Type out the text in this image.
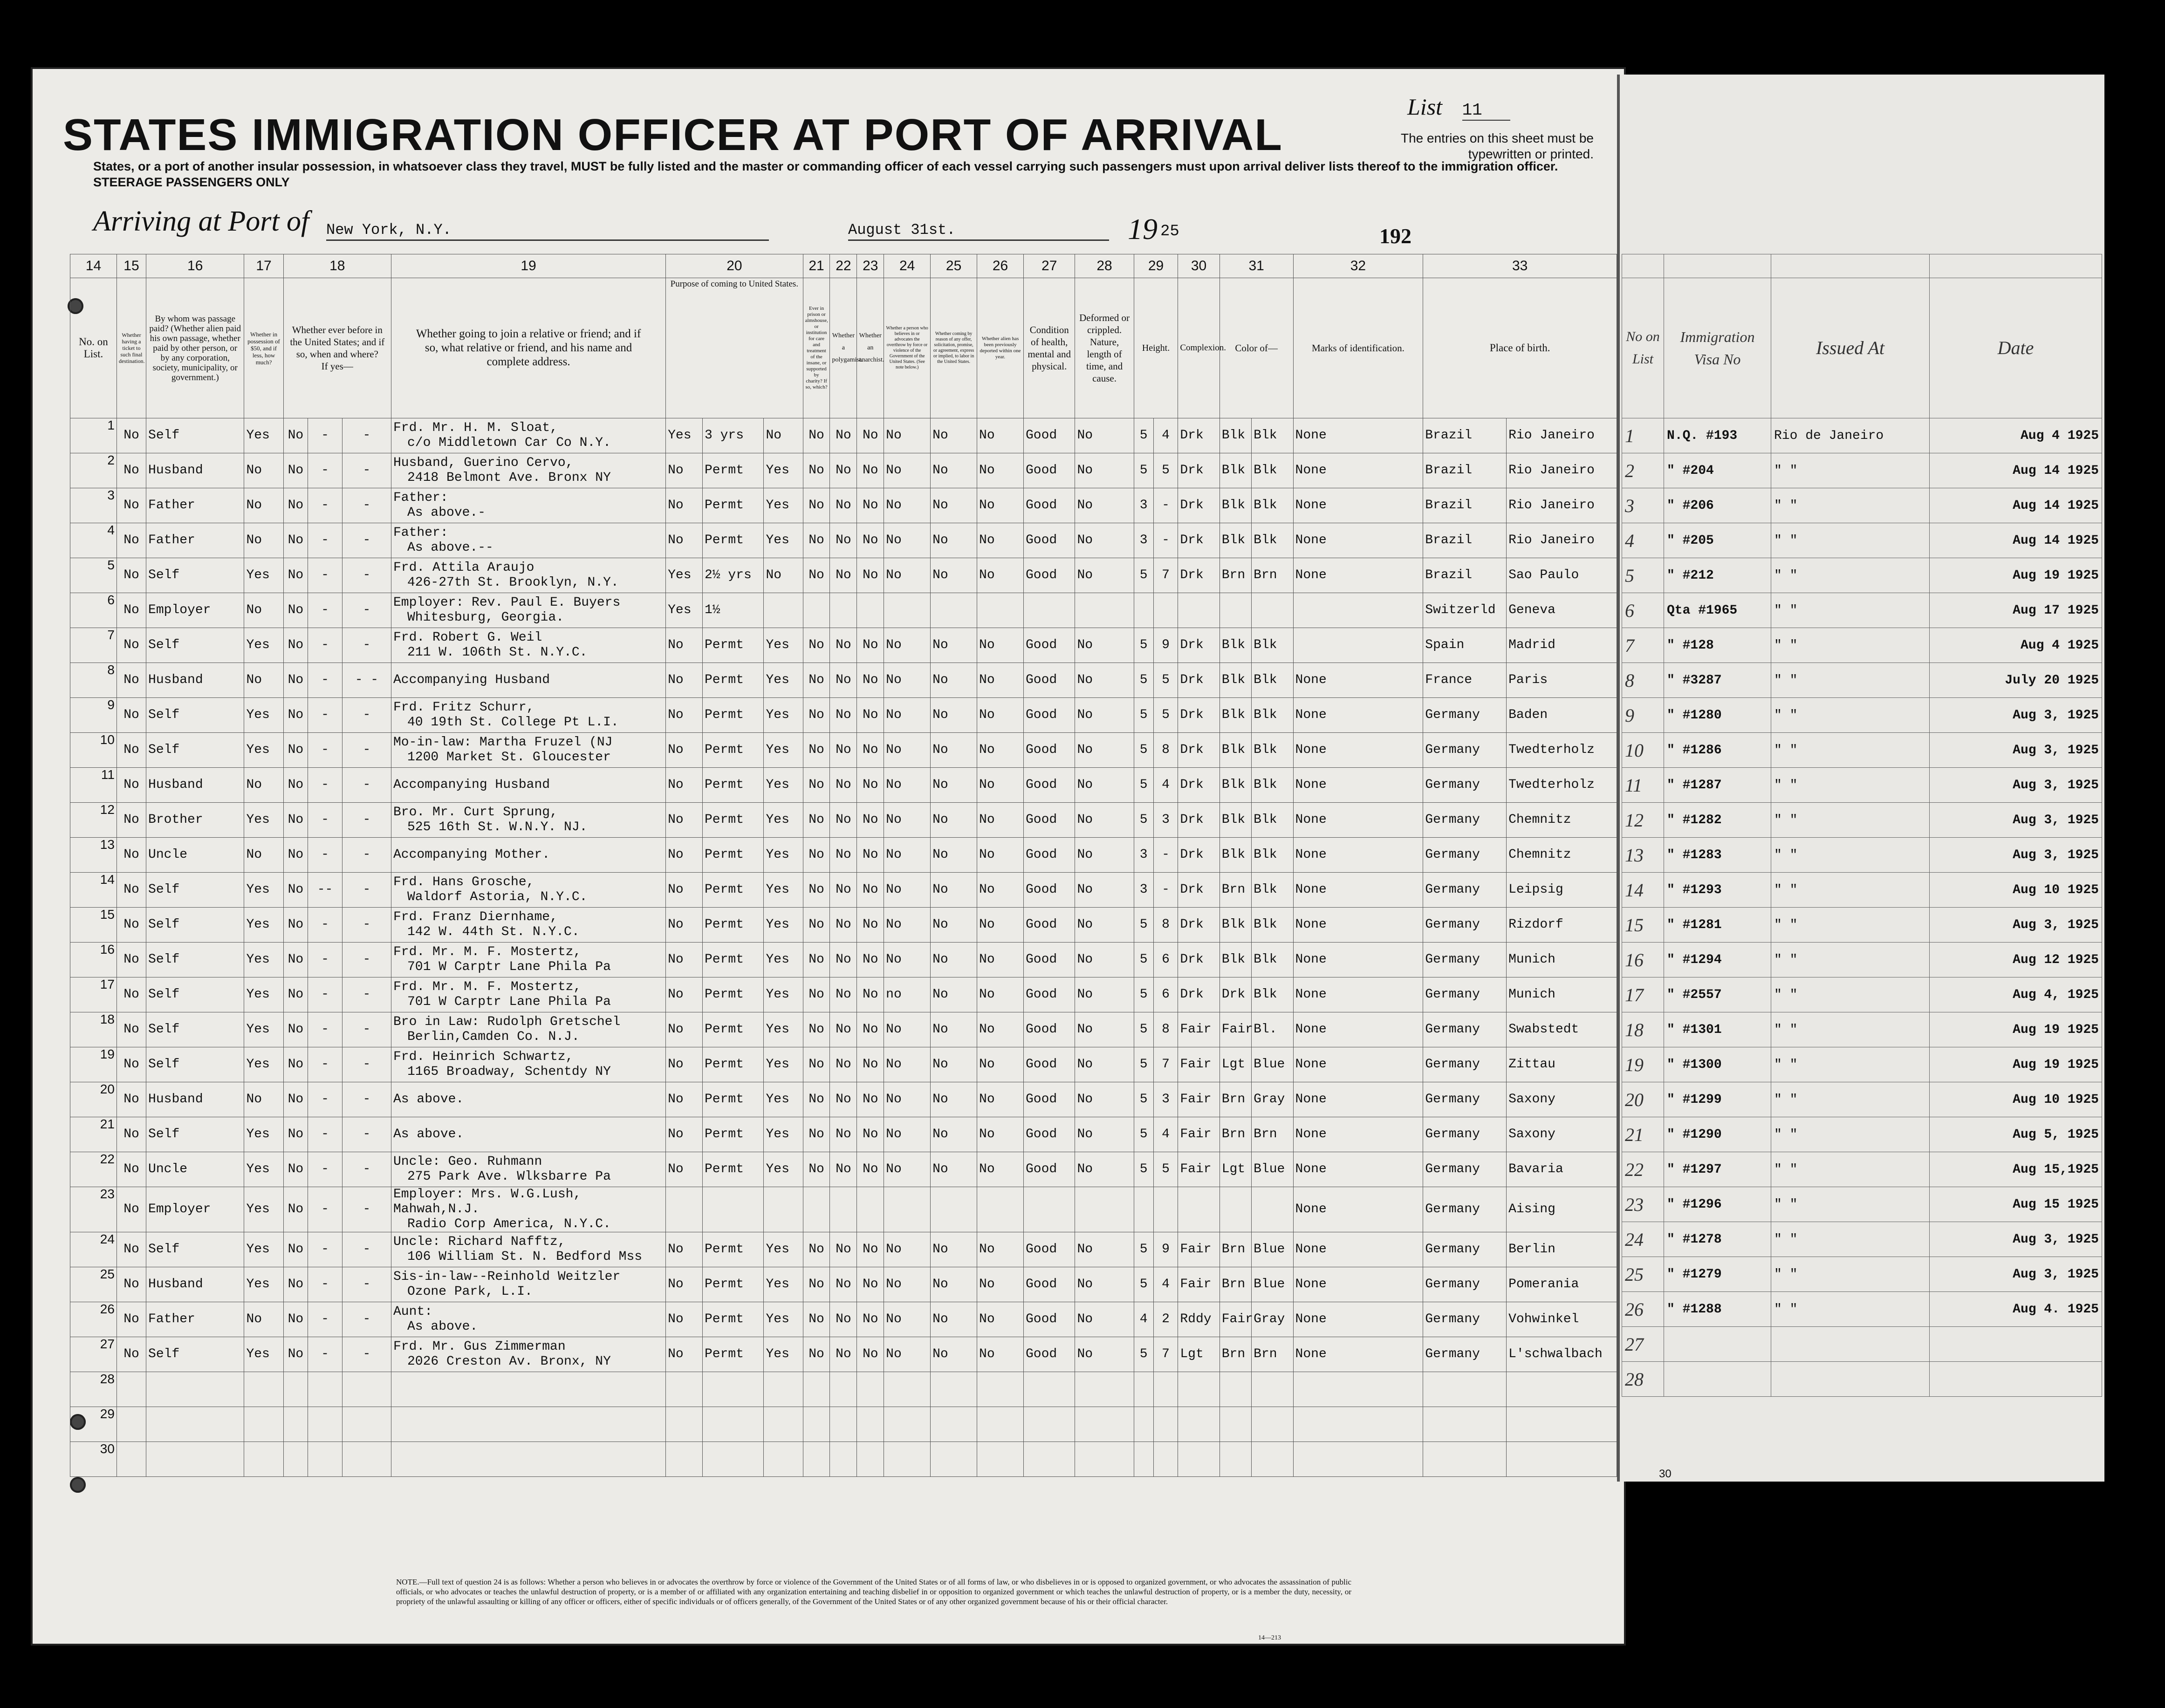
STATES IMMIGRATION OFFICER AT PORT OF ARRIVAL
List 11
The entries on this sheet must be typewritten or printed.
States, or a port of another insular possession, in whatsoever class they travel, MUST be fully listed and the master or commanding officer of each vessel carrying such passengers must upon arrival deliver lists thereof to the immigration officer.
STEERAGE PASSENGERS ONLY
Arriving at Port of New York, N.Y.	August 31st.	19 25	192
14	15	16	17	18			19	20			21	22	23	24	25	26	27	28	29		30	31		32	33	
No. on List.	Whether having a ticket to such final destination.	By whom was passage paid? (Whether alien paid his own passage, whether paid by other person, or by any corporation, society, municipality, or government.)	Whether in possession of $50, and if less, how much?	Whether ever before in the United States; and if so, when and where?
If yes—			Whether going to join a relative or friend; and if so, what relative or friend, and his name and complete address.	Purpose of coming to United States.			Ever in prison or almshouse, or institution for care and treatment of the insane, or supported by charity? If so, which?	Whether a polygamist.	Whether an anarchist.	Whether a person who believes in or advocates the overthrow by force or violence of the Government of the United States. (See note below.)	Whether coming by reason of any offer, solicitation, promise, or agreement, express or implied, to labor in the United States.	Whether alien has been previously deported within one year.	Condition of health, mental and physical.	Deformed or crippled. Nature, length of time, and cause.	Height.		Complexion.	Color of—		Marks of identification.	Place of birth.	
1	No	Self	Yes	No	-	-	Frd. Mr. H. M. Sloat,
c/o Middletown Car Co N.Y.	Yes	3 yrs	No	No	No	No	No	No	No	Good	No	5	4	Drk	Blk	Blk	None	Brazil	Rio Janeiro
2	No	Husband	No	No	-	-	Husband, Guerino Cervo,
2418 Belmont Ave. Bronx NY	No	Permt	Yes	No	No	No	No	No	No	Good	No	5	5	Drk	Blk	Blk	None	Brazil	Rio Janeiro
3	No	Father	No	No	-	-	Father:
As above.-	No	Permt	Yes	No	No	No	No	No	No	Good	No	3	-	Drk	Blk	Blk	None	Brazil	Rio Janeiro
4	No	Father	No	No	-	-	Father:
As above.--	No	Permt	Yes	No	No	No	No	No	No	Good	No	3	-	Drk	Blk	Blk	None	Brazil	Rio Janeiro
5	No	Self	Yes	No	-	-	Frd. Attila Araujo
426-27th St. Brooklyn, N.Y.	Yes	2½ yrs	No	No	No	No	No	No	No	Good	No	5	7	Drk	Brn	Brn	None	Brazil	Sao Paulo
6	No	Employer	No	No	-	-	Employer: Rev. Paul E. Buyers
Whitesburg, Georgia.	Yes	1½																Switzerld	Geneva
7	No	Self	Yes	No	-	-	Frd. Robert G. Weil
211 W. 106th St. N.Y.C.	No	Permt	Yes	No	No	No	No	No	No	Good	No	5	9	Drk	Blk	Blk		Spain	Madrid
8	No	Husband	No	No	-	- -	Accompanying Husband	No	Permt	Yes	No	No	No	No	No	No	Good	No	5	5	Drk	Blk	Blk	None	France	Paris
9	No	Self	Yes	No	-	-	Frd. Fritz Schurr,
40 19th St. College Pt L.I.	No	Permt	Yes	No	No	No	No	No	No	Good	No	5	5	Drk	Blk	Blk	None	Germany	Baden
10	No	Self	Yes	No	-	-	Mo-in-law: Martha Fruzel (NJ
1200 Market St. Gloucester	No	Permt	Yes	No	No	No	No	No	No	Good	No	5	8	Drk	Blk	Blk	None	Germany	Twedterholz
11	No	Husband	No	No	-	-	Accompanying Husband	No	Permt	Yes	No	No	No	No	No	No	Good	No	5	4	Drk	Blk	Blk	None	Germany	Twedterholz
12	No	Brother	Yes	No	-	-	Bro. Mr. Curt Sprung,
525 16th St. W.N.Y. NJ.	No	Permt	Yes	No	No	No	No	No	No	Good	No	5	3	Drk	Blk	Blk	None	Germany	Chemnitz
13	No	Uncle	No	No	-	-	Accompanying Mother.	No	Permt	Yes	No	No	No	No	No	No	Good	No	3	-	Drk	Blk	Blk	None	Germany	Chemnitz
14	No	Self	Yes	No	--	-	Frd. Hans Grosche,
Waldorf Astoria, N.Y.C.	No	Permt	Yes	No	No	No	No	No	No	Good	No	3	-	Drk	Brn	Blk	None	Germany	Leipsig
15	No	Self	Yes	No	-	-	Frd. Franz Diernhame,
142 W. 44th St. N.Y.C.	No	Permt	Yes	No	No	No	No	No	No	Good	No	5	8	Drk	Blk	Blk	None	Germany	Rizdorf
16	No	Self	Yes	No	-	-	Frd. Mr. M. F. Mostertz,
701 W Carptr Lane Phila Pa	No	Permt	Yes	No	No	No	No	No	No	Good	No	5	6	Drk	Blk	Blk	None	Germany	Munich
17	No	Self	Yes	No	-	-	Frd. Mr. M. F. Mostertz,
701 W Carptr Lane Phila Pa	No	Permt	Yes	No	No	No	no	No	No	Good	No	5	6	Drk	Drk	Blk	None	Germany	Munich
18	No	Self	Yes	No	-	-	Bro in Law: Rudolph Gretschel
Berlin,Camden Co. N.J.	No	Permt	Yes	No	No	No	No	No	No	Good	No	5	8	Fair	Fair	Bl.	None	Germany	Swabstedt
19	No	Self	Yes	No	-	-	Frd. Heinrich Schwartz,
1165 Broadway, Schentdy NY	No	Permt	Yes	No	No	No	No	No	No	Good	No	5	7	Fair	Lgt	Blue	None	Germany	Zittau
20	No	Husband	No	No	-	-	As above.	No	Permt	Yes	No	No	No	No	No	No	Good	No	5	3	Fair	Brn	Gray	None	Germany	Saxony
21	No	Self	Yes	No	-	-	As above.	No	Permt	Yes	No	No	No	No	No	No	Good	No	5	4	Fair	Brn	Brn	None	Germany	Saxony
22	No	Uncle	Yes	No	-	-	Uncle: Geo. Ruhmann
275 Park Ave. Wlksbarre Pa	No	Permt	Yes	No	No	No	No	No	No	Good	No	5	5	Fair	Lgt	Blue	None	Germany	Bavaria
23	No	Employer	Yes	No	-	-	Employer: Mrs. W.G.Lush, Mahwah,N.J.
Radio Corp America, N.Y.C.																	None	Germany	Aising
24	No	Self	Yes	No	-	-	Uncle: Richard Nafftz,
106 William St. N. Bedford Mss	No	Permt	Yes	No	No	No	No	No	No	Good	No	5	9	Fair	Brn	Blue	None	Germany	Berlin
25	No	Husband	Yes	No	-	-	Sis-in-law--Reinhold Weitzler
Ozone Park, L.I.	No	Permt	Yes	No	No	No	No	No	No	Good	No	5	4	Fair	Brn	Blue	None	Germany	Pomerania
26	No	Father	No	No	-	-	Aunt:
As above.	No	Permt	Yes	No	No	No	No	No	No	Good	No	4	2	Rddy	Fair	Gray	None	Germany	Vohwinkel
27	No	Self	Yes	No	-	-	Frd. Mr. Gus Zimmerman
2026 Creston Av. Bronx, NY	No	Permt	Yes	No	No	No	No	No	No	Good	No	5	7	Lgt	Brn	Brn	None	Germany	L'schwalbach
28							

29							

30							

No on List	Immigration Visa No	Issued At	Date
1	N.Q. #193	Rio de Janeiro	Aug 4 1925
2	" #204	" "	Aug 14 1925
3	" #206	" "	Aug 14 1925
4	" #205	" "	Aug 14 1925
5	" #212	" "	Aug 19 1925
6	Qta #1965	" "	Aug 17 1925
7	" #128	" "	Aug 4 1925
8	" #3287	" "	July 20 1925
9	" #1280	" "	Aug 3, 1925
10	" #1286	" "	Aug 3, 1925
11	" #1287	" "	Aug 3, 1925
12	" #1282	" "	Aug 3, 1925
13	" #1283	" "	Aug 3, 1925
14	" #1293	" "	Aug 10 1925
15	" #1281	" "	Aug 3, 1925
16	" #1294	" "	Aug 12 1925
17	" #2557	" "	Aug 4, 1925
18	" #1301	" "	Aug 19 1925
19	" #1300	" "	Aug 19 1925
20	" #1299	" "	Aug 10 1925
21	" #1290	" "	Aug 5, 1925
22	" #1297	" "	Aug 15,1925
23	" #1296	" "	Aug 15 1925
24	" #1278	" "	Aug 3, 1925
25	" #1279	" "	Aug 3, 1925
26	" #1288	" "	Aug 4. 1925
27			
28			
30
NOTE.—Full text of question 24 is as follows: Whether a person who believes in or advocates the overthrow by force or violence of the Government of the United States or of all forms of law, or who disbelieves in or is opposed to organized government, or who advocates the assassination of public officials, or who advocates or teaches the unlawful destruction of property, or is a member of or affiliated with any organization entertaining and teaching disbelief in or opposition to organized government or which teaches the unlawful destruction of property, or is a member the duty, necessity, or propriety of the unlawful assaulting or killing of any officer or officers, either of specific individuals or of officers generally, of the Government of the United States or of any other organized government because of his or their official character.
14—213
